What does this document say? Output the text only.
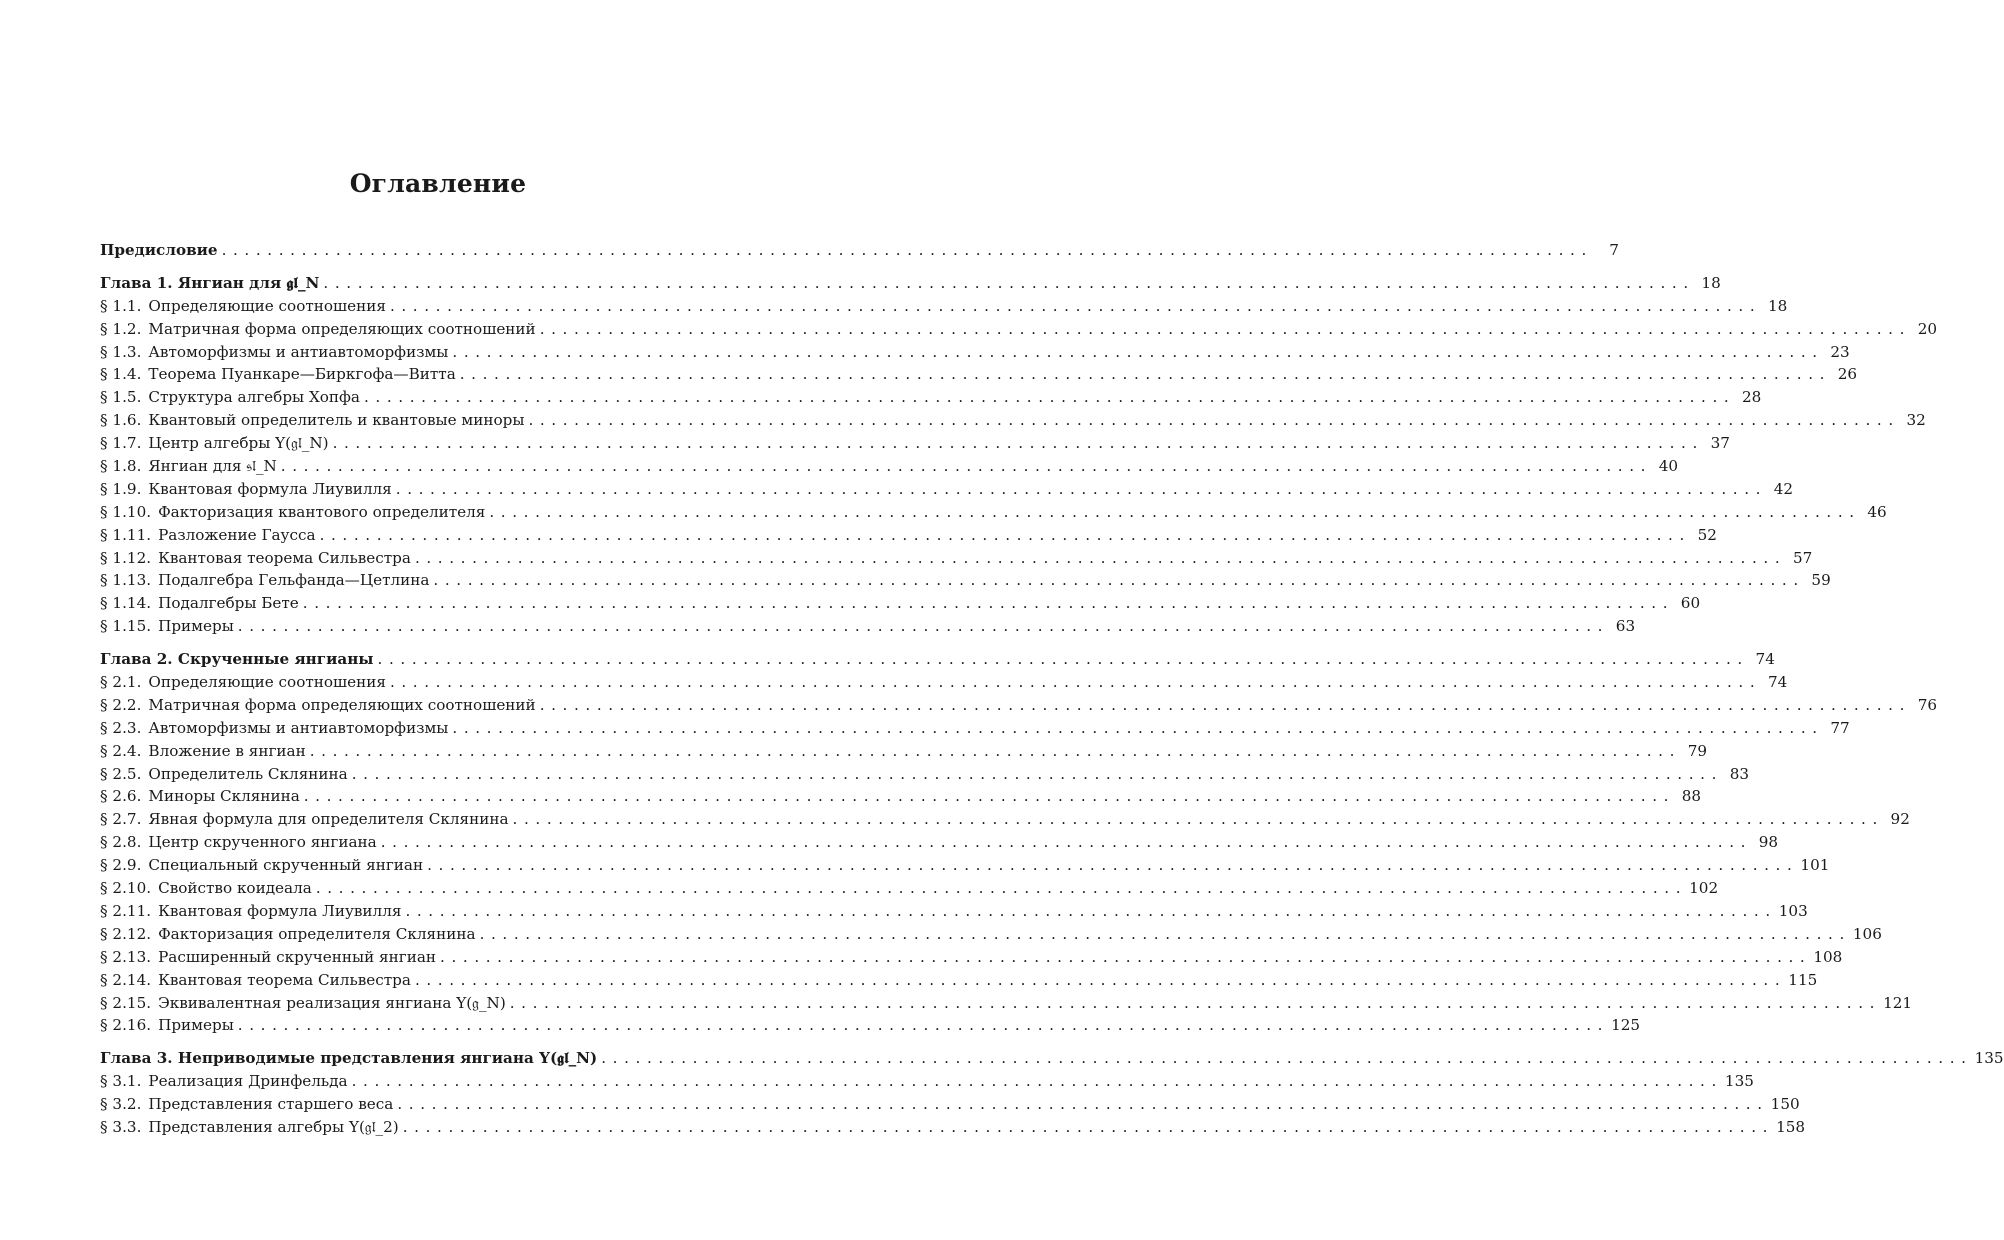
Оглавление
Предисловие ........................................................................................................................	7
Глава 1. Янгиан для 𝖌𝖑_N ........................................................................................................................ 18
§ 1.1. Определяющие соотношения ........................................................................................................................ 18
§ 1.2. Матричная форма определяющих соотношений ........................................................................................................................ 20
§ 1.3. Автоморфизмы и антиавтоморфизмы ........................................................................................................................ 23
§ 1.4. Теорема Пуанкаре—Биркгофа—Витта ........................................................................................................................ 26
§ 1.5. Структура алгебры Хопфа ........................................................................................................................ 28
§ 1.6. Квантовый определитель и квантовые миноры ........................................................................................................................ 32
§ 1.7. Центр алгебры Y(𝔤𝔩_N) ........................................................................................................................ 37
§ 1.8. Янгиан для 𝔰𝔩_N ........................................................................................................................ 40
§ 1.9. Квантовая формула Лиувилля ........................................................................................................................ 42
§ 1.10. Факторизация квантового определителя ........................................................................................................................ 46
§ 1.11. Разложение Гаусса ........................................................................................................................ 52
§ 1.12. Квантовая теорема Сильвестра ........................................................................................................................ 57
§ 1.13. Подалгебра Гельфанда—Цетлина ........................................................................................................................ 59
§ 1.14. Подалгебры Бете ........................................................................................................................ 60
§ 1.15. Примеры ........................................................................................................................ 63
Глава 2. Скрученные янгианы ........................................................................................................................ 74
§ 2.1. Определяющие соотношения ........................................................................................................................ 74
§ 2.2. Матричная форма определяющих соотношений ........................................................................................................................ 76
§ 2.3. Автоморфизмы и антиавтоморфизмы ........................................................................................................................ 77
§ 2.4. Вложение в янгиан ........................................................................................................................ 79
§ 2.5. Определитель Склянина ........................................................................................................................ 83
§ 2.6. Миноры Склянина ........................................................................................................................ 88
§ 2.7. Явная формула для определителя Склянина ........................................................................................................................ 92
§ 2.8. Центр скрученного янгиана ........................................................................................................................ 98
§ 2.9. Специальный скрученный янгиан ........................................................................................................................ 101
§ 2.10. Свойство коидеала ........................................................................................................................ 102
§ 2.11. Квантовая формула Лиувилля ........................................................................................................................ 103
§ 2.12. Факторизация определителя Склянина ........................................................................................................................ 106
§ 2.13. Расширенный скрученный янгиан ........................................................................................................................ 108
§ 2.14. Квантовая теорема Сильвестра ........................................................................................................................ 115
§ 2.15. Эквивалентная реализация янгиана Y(𝔤_N) ........................................................................................................................ 121
§ 2.16. Примеры ........................................................................................................................ 125
Глава 3. Неприводимые представления янгиана Y(𝖌𝖑_N) ........................................................................................................................ 135
§ 3.1. Реализация Дринфельда ........................................................................................................................ 135
§ 3.2. Представления старшего веса ........................................................................................................................ 150
§ 3.3. Представления алгебры Y(𝔤𝔩_2) ........................................................................................................................ 158
